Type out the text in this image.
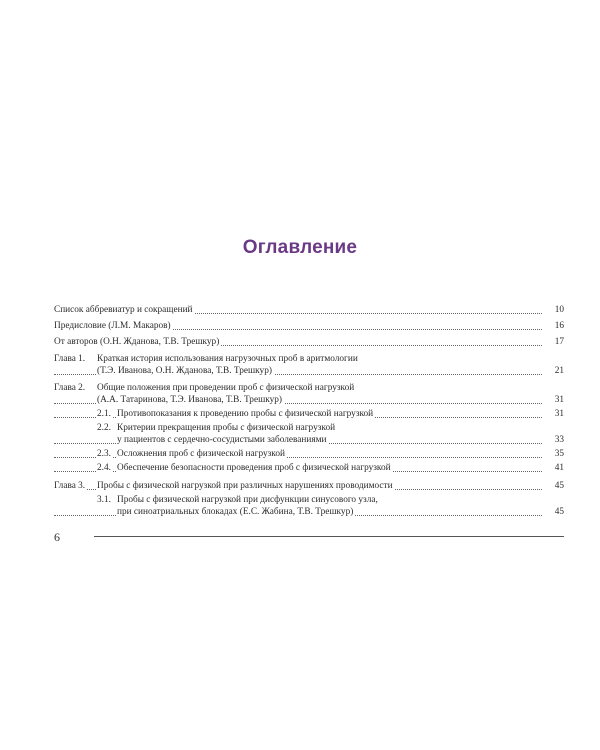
Оглавление
Список аббревиатур и сокращений	10
Предисловие (Л.М. Макаров)	16
От авторов (О.Н. Жданова, Т.В. Трешкур)	17
Глава 1. Краткая история использования нагрузочных проб в аритмологии
(Т.Э. Иванова, О.Н. Жданова, Т.В. Трешкур)	21
Глава 2. Общие положения при проведении проб с физической нагрузкой
(А.А. Татаринова, Т.Э. Иванова, Т.В. Трешкур)	31
2.1. Противопоказания к проведению пробы с физической нагрузкой	31
2.2. Критерии прекращения пробы с физической нагрузкой
у пациентов с сердечно-сосудистыми заболеваниями	33
2.3. Осложнения проб с физической нагрузкой	35
2.4. Обеспечение безопасности проведения проб с физической нагрузкой	41
Глава 3. Пробы с физической нагрузкой при различных нарушениях проводимости	45
3.1. Пробы с физической нагрузкой при дисфункции синусового узла,
при синоатриальных блокадах (Е.С. Жабина, Т.В. Трешкур)	45
6
